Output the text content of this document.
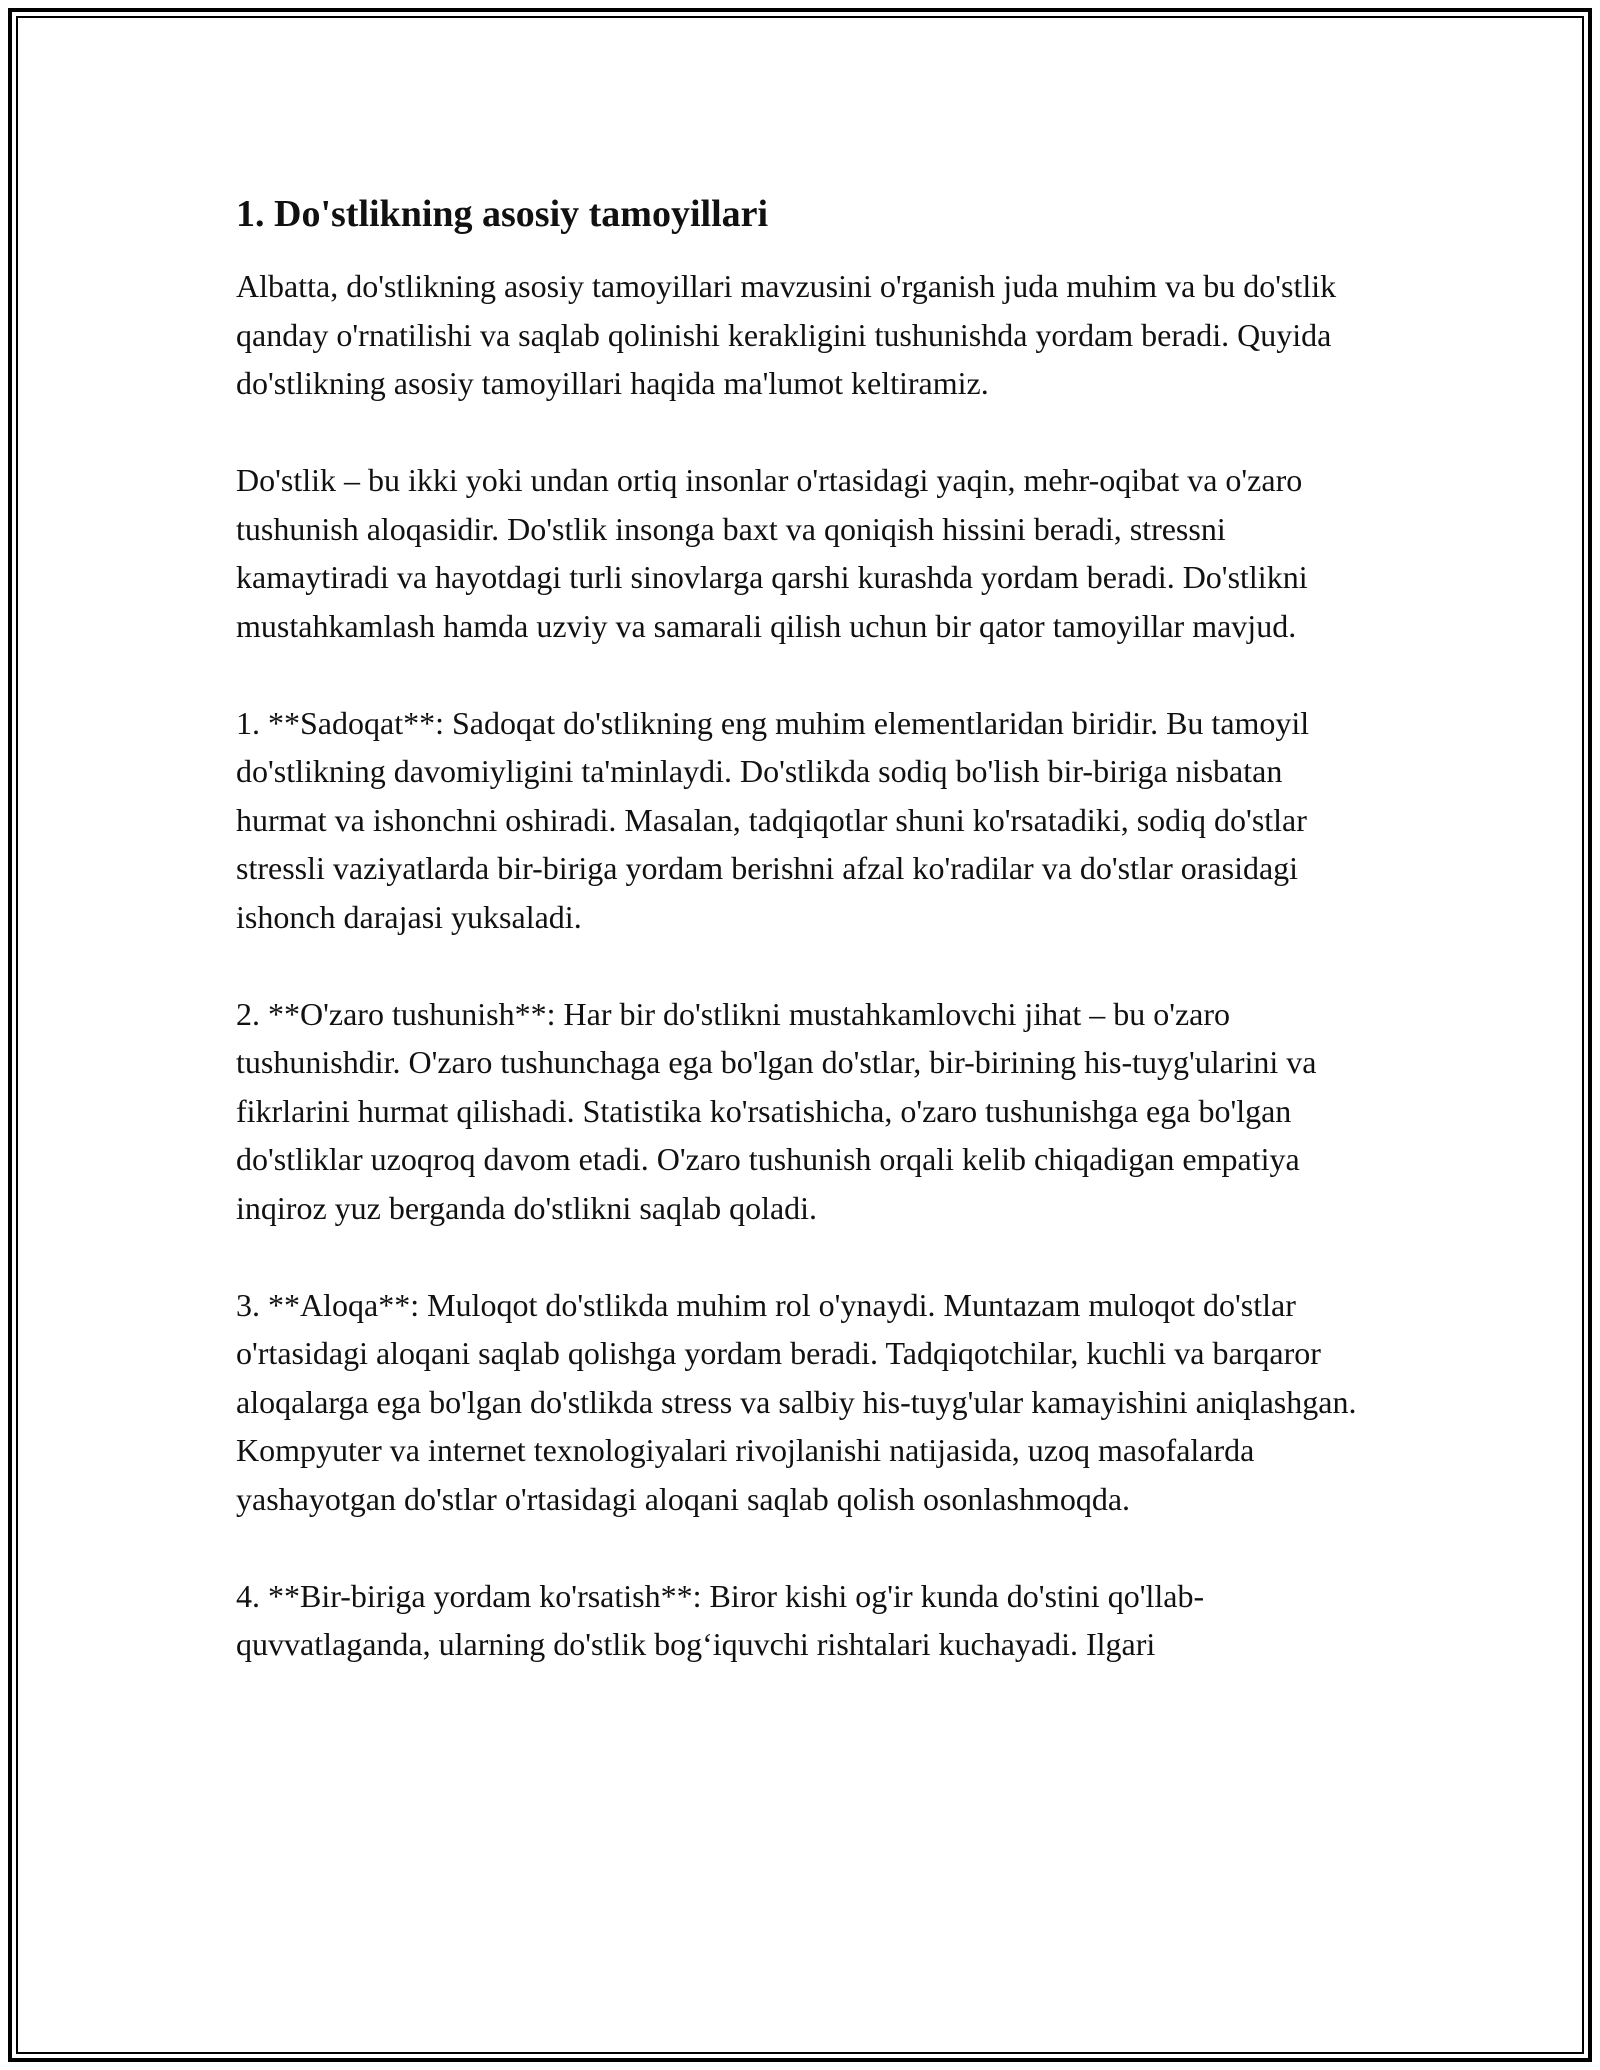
1. Do'stlikning asosiy tamoyillari

Albatta, do'stlikning asosiy tamoyillari mavzusini o'rganish juda muhim va bu do'stlik qanday o'rnatilishi va saqlab qolinishi kerakligini tushunishda yordam beradi. Quyida do'stlikning asosiy tamoyillari haqida ma'lumot keltiramiz.

Do'stlik – bu ikki yoki undan ortiq insonlar o'rtasidagi yaqin, mehr-oqibat va o'zaro tushunish aloqasidir. Do'stlik insonga baxt va qoniqish hissini beradi, stressni kamaytiradi va hayotdagi turli sinovlarga qarshi kurashda yordam beradi. Do'stlikni mustahkamlash hamda uzviy va samarali qilish uchun bir qator tamoyillar mavjud.

1. **Sadoqat**: Sadoqat do'stlikning eng muhim elementlaridan biridir. Bu tamoyil do'stlikning davomiyligini ta'minlaydi. Do'stlikda sodiq bo'lish bir-biriga nisbatan hurmat va ishonchni oshiradi. Masalan, tadqiqotlar shuni ko'rsatadiki, sodiq do'stlar stressli vaziyatlarda bir-biriga yordam berishni afzal ko'radilar va do'stlar orasidagi ishonch darajasi yuksaladi.

2. **O'zaro tushunish**: Har bir do'stlikni mustahkamlovchi jihat – bu o'zaro tushunishdir. O'zaro tushunchaga ega bo'lgan do'stlar, bir-birining his-tuyg'ularini va fikrlarini hurmat qilishadi. Statistika ko'rsatishicha, o'zaro tushunishga ega bo'lgan do'stliklar uzoqroq davom etadi. O'zaro tushunish orqali kelib chiqadigan empatiya inqiroz yuz berganda do'stlikni saqlab qoladi.

3. **Aloqa**: Muloqot do'stlikda muhim rol o'ynaydi. Muntazam muloqot do'stlar o'rtasidagi aloqani saqlab qolishga yordam beradi. Tadqiqotchilar, kuchli va barqaror aloqalarga ega bo'lgan do'stlikda stress va salbiy his-tuyg'ular kamayishini aniqlashgan. Kompyuter va internet texnologiyalari rivojlanishi natijasida, uzoq masofalarda yashayotgan do'stlar o'rtasidagi aloqani saqlab qolish osonlashmoqda.

4. **Bir-biriga yordam ko'rsatish**: Biror kishi og'ir kunda do'stini qo'llab-quvvatlaganda, ularning do'stlik bog‘iquvchi rishtalari kuchayadi. Ilgari
